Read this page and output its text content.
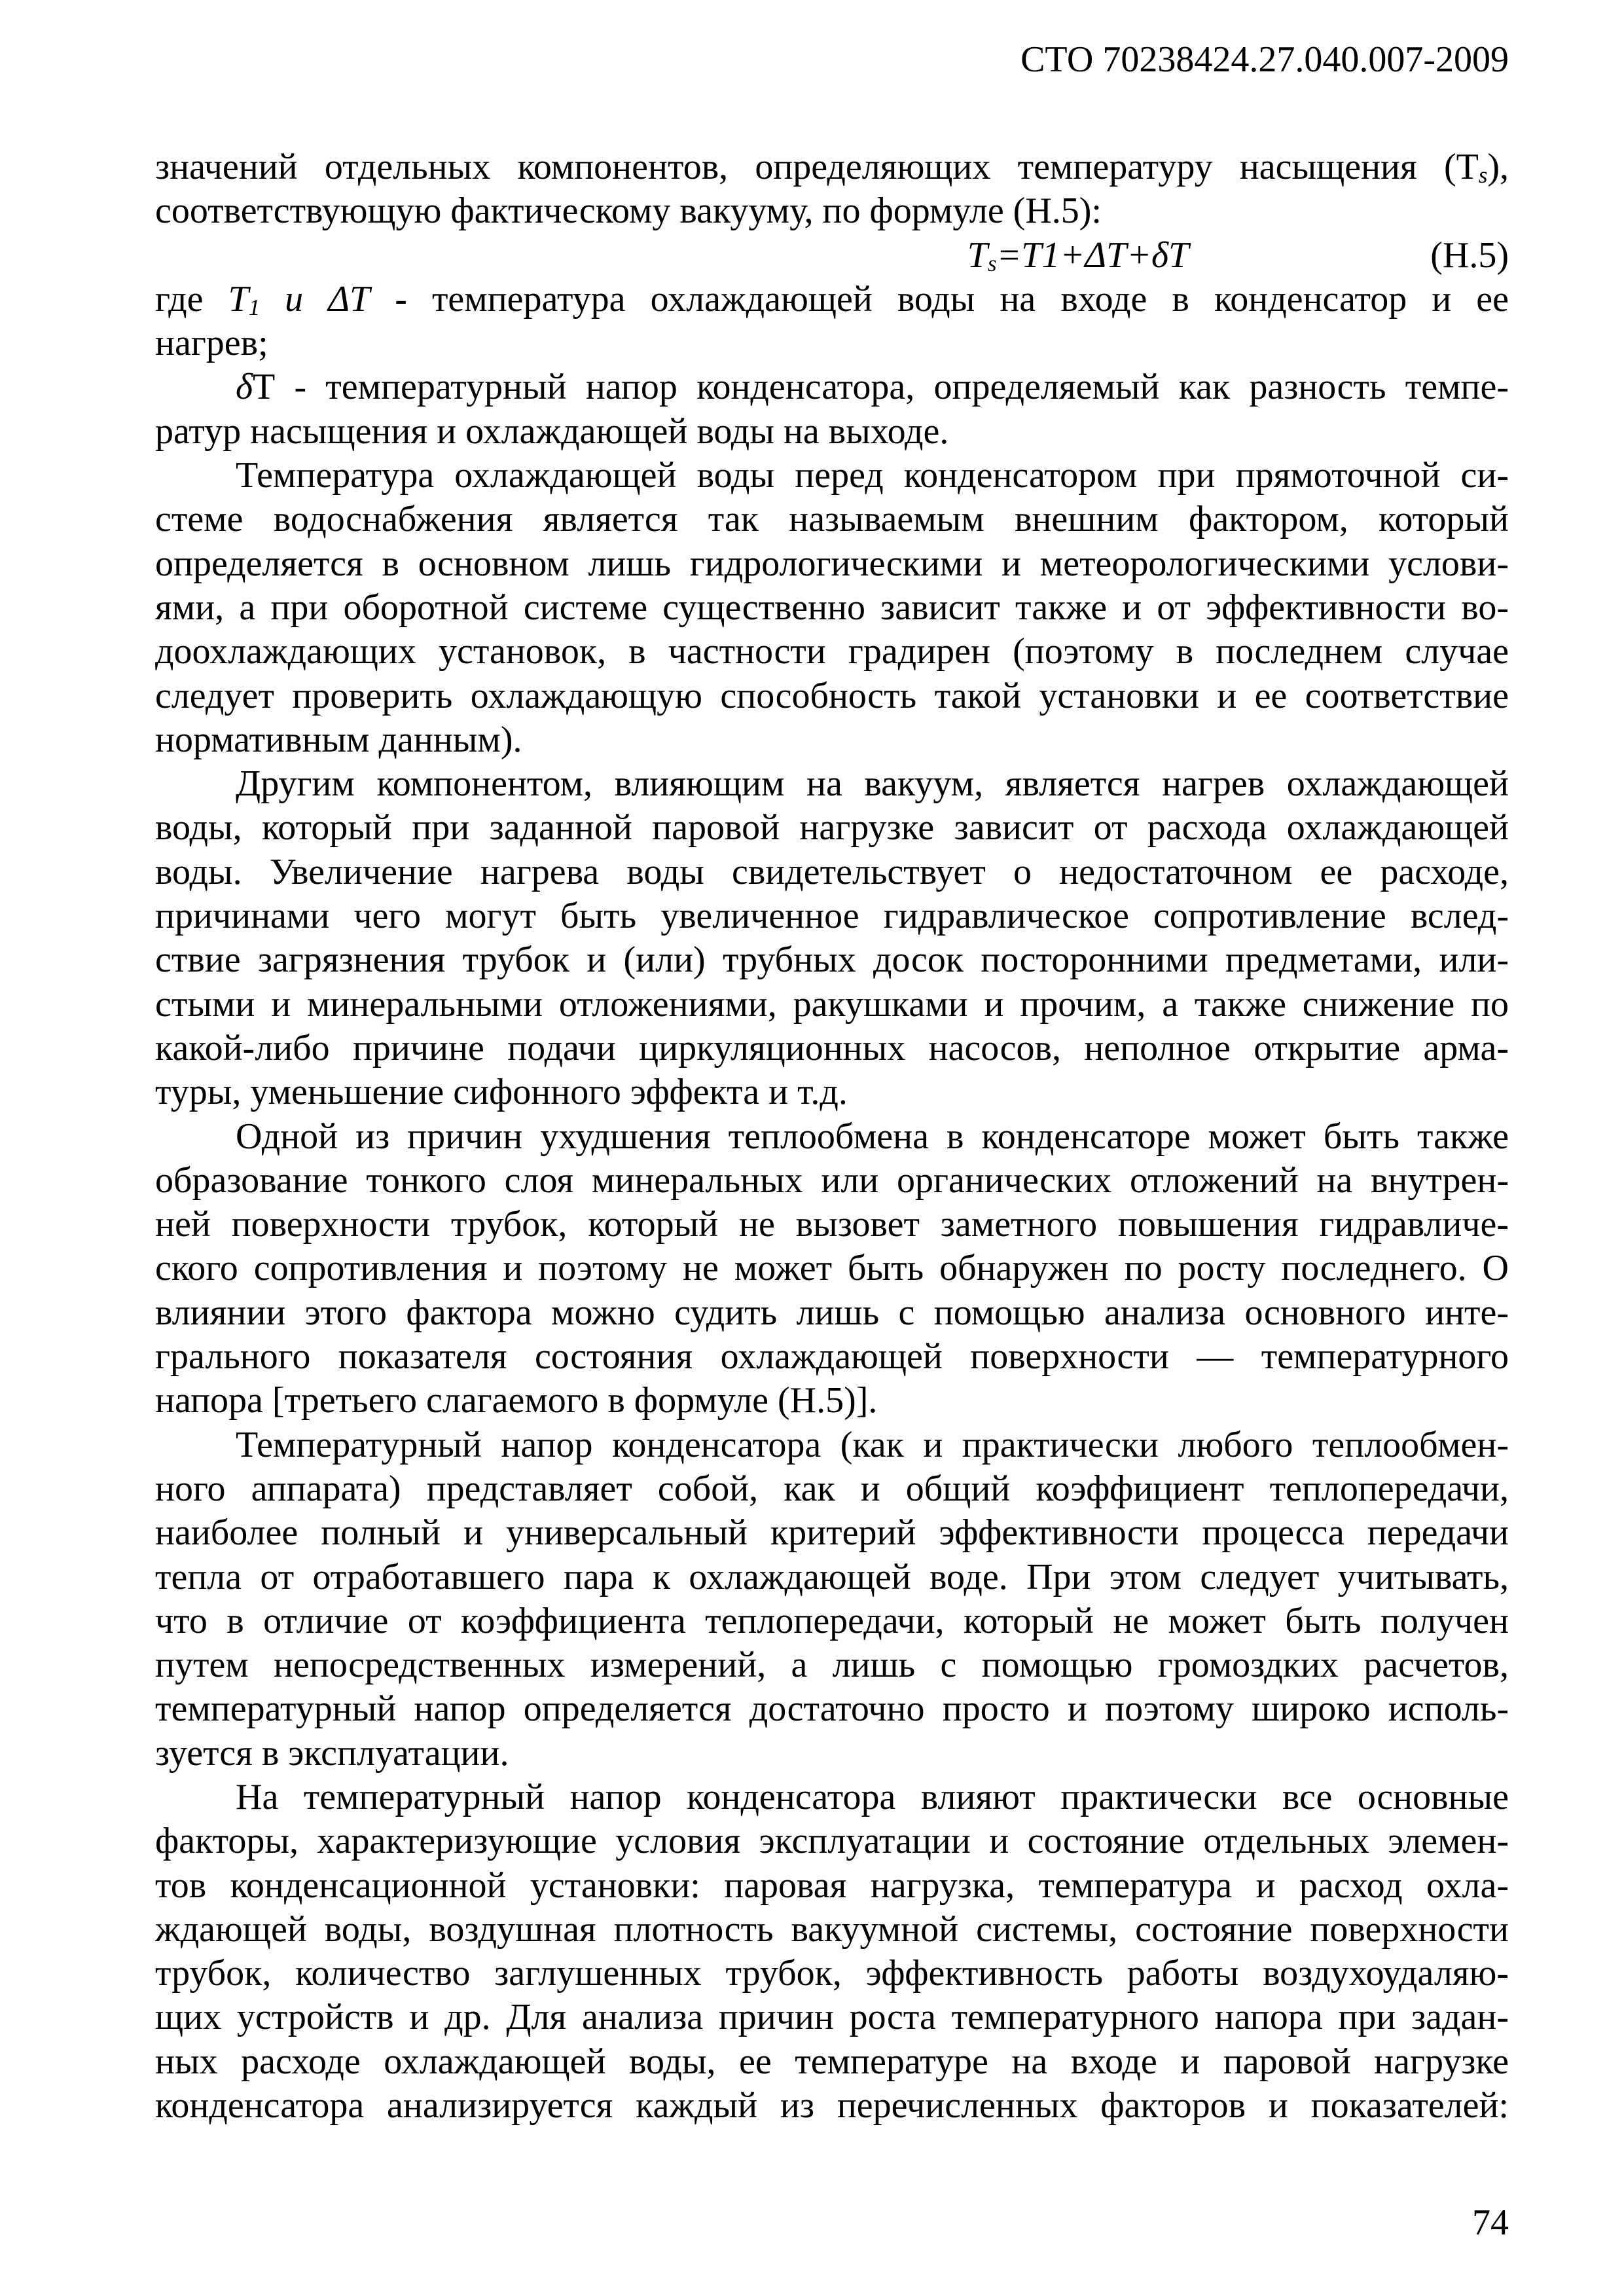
СТО 70238424.27.040.007-2009
значений отдельных компонентов, определяющих температуру насыщения (Тs),
соответствующую фактическому вакууму, по формуле (Н.5):
Тs=Т1+ΔТ+δТ	(Н.5)
где Т1 и ΔТ - температура охлаждающей воды на входе в конденсатор и ее
нагрев;
δТ - температурный напор конденсатора, определяемый как разность темпе-
ратур насыщения и охлаждающей воды на выходе.
Температура охлаждающей воды перед конденсатором при прямоточной си-
стеме водоснабжения является так называемым внешним фактором, который
определяется в основном лишь гидрологическими и метеорологическими услови-
ями, а при оборотной системе существенно зависит также и от эффективности во-
доохлаждающих установок, в частности градирен (поэтому в последнем случае
следует проверить охлаждающую способность такой установки и ее соответствие
нормативным данным).
Другим компонентом, влияющим на вакуум, является нагрев охлаждающей
воды, который при заданной паровой нагрузке зависит от расхода охлаждающей
воды. Увеличение нагрева воды свидетельствует о недостаточном ее расходе,
причинами чего могут быть увеличенное гидравлическое сопротивление вслед-
ствие загрязнения трубок и (или) трубных досок посторонними предметами, или-
стыми и минеральными отложениями, ракушками и прочим, а также снижение по
какой-либо причине подачи циркуляционных насосов, неполное открытие арма-
туры, уменьшение сифонного эффекта и т.д.
Одной из причин ухудшения теплообмена в конденсаторе может быть также
образование тонкого слоя минеральных или органических отложений на внутрен-
ней поверхности трубок, который не вызовет заметного повышения гидравличе-
ского сопротивления и поэтому не может быть обнаружен по росту последнего. О
влиянии этого фактора можно судить лишь с помощью анализа основного инте-
грального показателя состояния охлаждающей поверхности — температурного
напора [третьего слагаемого в формуле (Н.5)].
Температурный напор конденсатора (как и практически любого теплообмен-
ного аппарата) представляет собой, как и общий коэффициент теплопередачи,
наиболее полный и универсальный критерий эффективности процесса передачи
тепла от отработавшего пара к охлаждающей воде. При этом следует учитывать,
что в отличие от коэффициента теплопередачи, который не может быть получен
путем непосредственных измерений, а лишь с помощью громоздких расчетов,
температурный напор определяется достаточно просто и поэтому широко исполь-
зуется в эксплуатации.
На температурный напор конденсатора влияют практически все основные
факторы, характеризующие условия эксплуатации и состояние отдельных элемен-
тов конденсационной установки: паровая нагрузка, температура и расход охла-
ждающей воды, воздушная плотность вакуумной системы, состояние поверхности
трубок, количество заглушенных трубок, эффективность работы воздухоудаляю-
щих устройств и др. Для анализа причин роста температурного напора при задан-
ных расходе охлаждающей воды, ее температуре на входе и паровой нагрузке
конденсатора анализируется каждый из перечисленных факторов и показателей:
74
